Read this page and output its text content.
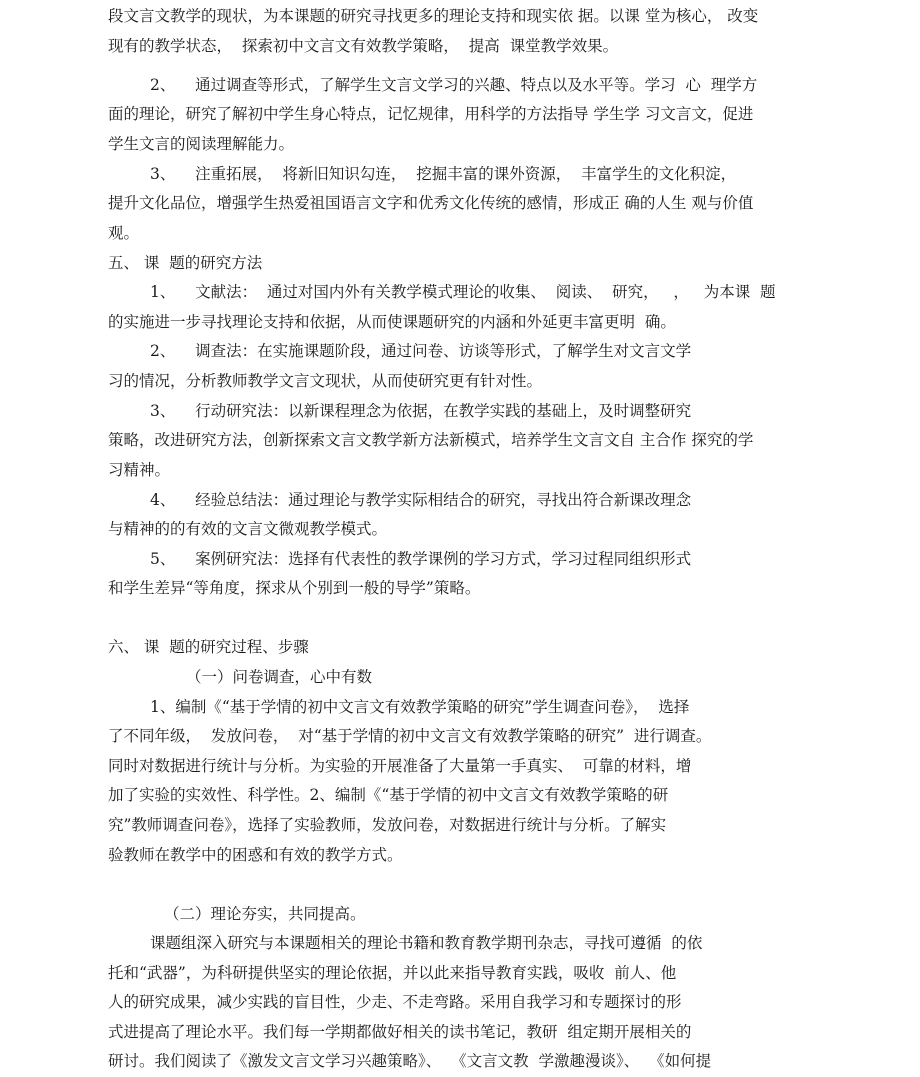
段文言文教学的现状，为本课题的研究寻找更多的理论支持和现实依 据。以课 堂为核心， 改变
现有的教学状态，  探索初中文言文有效教学策略，  提高  课堂教学效果。
2、    通过调查等形式，了解学生文言文学习的兴趣、特点以及水平等。学习  心  理学方
面的理论，研究了解初中学生身心特点，记忆规律，用科学的方法指导 学生学 习文言文，促进
学生文言的阅读理解能力。
3、    注重拓展，  将新旧知识勾连，  挖掘丰富的课外资源，  丰富学生的文化积淀，
提升文化品位，增强学生热爱祖国语言文字和优秀文化传统的感情，形成正 确的人生 观与价值
观。
五、 课  题的研究方法
1、    文献法：  通过对国内外有关教学模式理论的收集、  阅读、  研究，   ，   为本课  题
的实施进一步寻找理论支持和依据，从而使课题研究的内涵和外延更丰富更明  确。
2、    调查法：在实施课题阶段，通过问卷、访谈等形式，了解学生对文言文学
习的情况，分析教师教学文言文现状，从而使研究更有针对性。
3、    行动研究法：以新课程理念为依据，在教学实践的基础上，及时调整研究
策略，改进研究方法，创新探索文言文教学新方法新模式，培养学生文言文自 主合作 探究的学
习精神。
4、    经验总结法：通过理论与教学实际相结合的研究，寻找出符合新课改理念
与精神的的有效的文言文微观教学模式。
5、    案例研究法：选择有代表性的教学课例的学习方式，学习过程同组织形式
和学生差异“等角度，探求从个别到一般的导学”策略。
六、 课  题的研究过程、步骤
（一）问卷调查，心中有数
1、编制《“基于学情的初中文言文有效教学策略的研究”学生调查问卷》，  选择
了不同年级，  发放问卷，  对“基于学情的初中文言文有效教学策略的研究”  进行调查。
同时对数据进行统计与分析。为实验的开展准备了大量第一手真实、  可靠的材料，增
加了实验的实效性、科学性。2、编制《“基于学情的初中文言文有效教学策略的研
究”教师调查问卷》，选择了实验教师，发放问卷，对数据进行统计与分析。了解实
验教师在教学中的困惑和有效的教学方式。
（二）理论夯实，共同提高。
课题组深入研究与本课题相关的理论书籍和教育教学期刊杂志，寻找可遵循  的依
托和“武器”，为科研提供坚实的理论依据，并以此来指导教育实践，吸收  前人、他
人的研究成果，减少实践的盲目性，少走、不走弯路。采用自我学习和专题探讨的形
式进提高了理论水平。我们每一学期都做好相关的读书笔记，教研  组定期开展相关的
研讨。我们阅读了《激发文言文学习兴趣策略》、  《文言文教  学激趣漫谈》、  《如何提
